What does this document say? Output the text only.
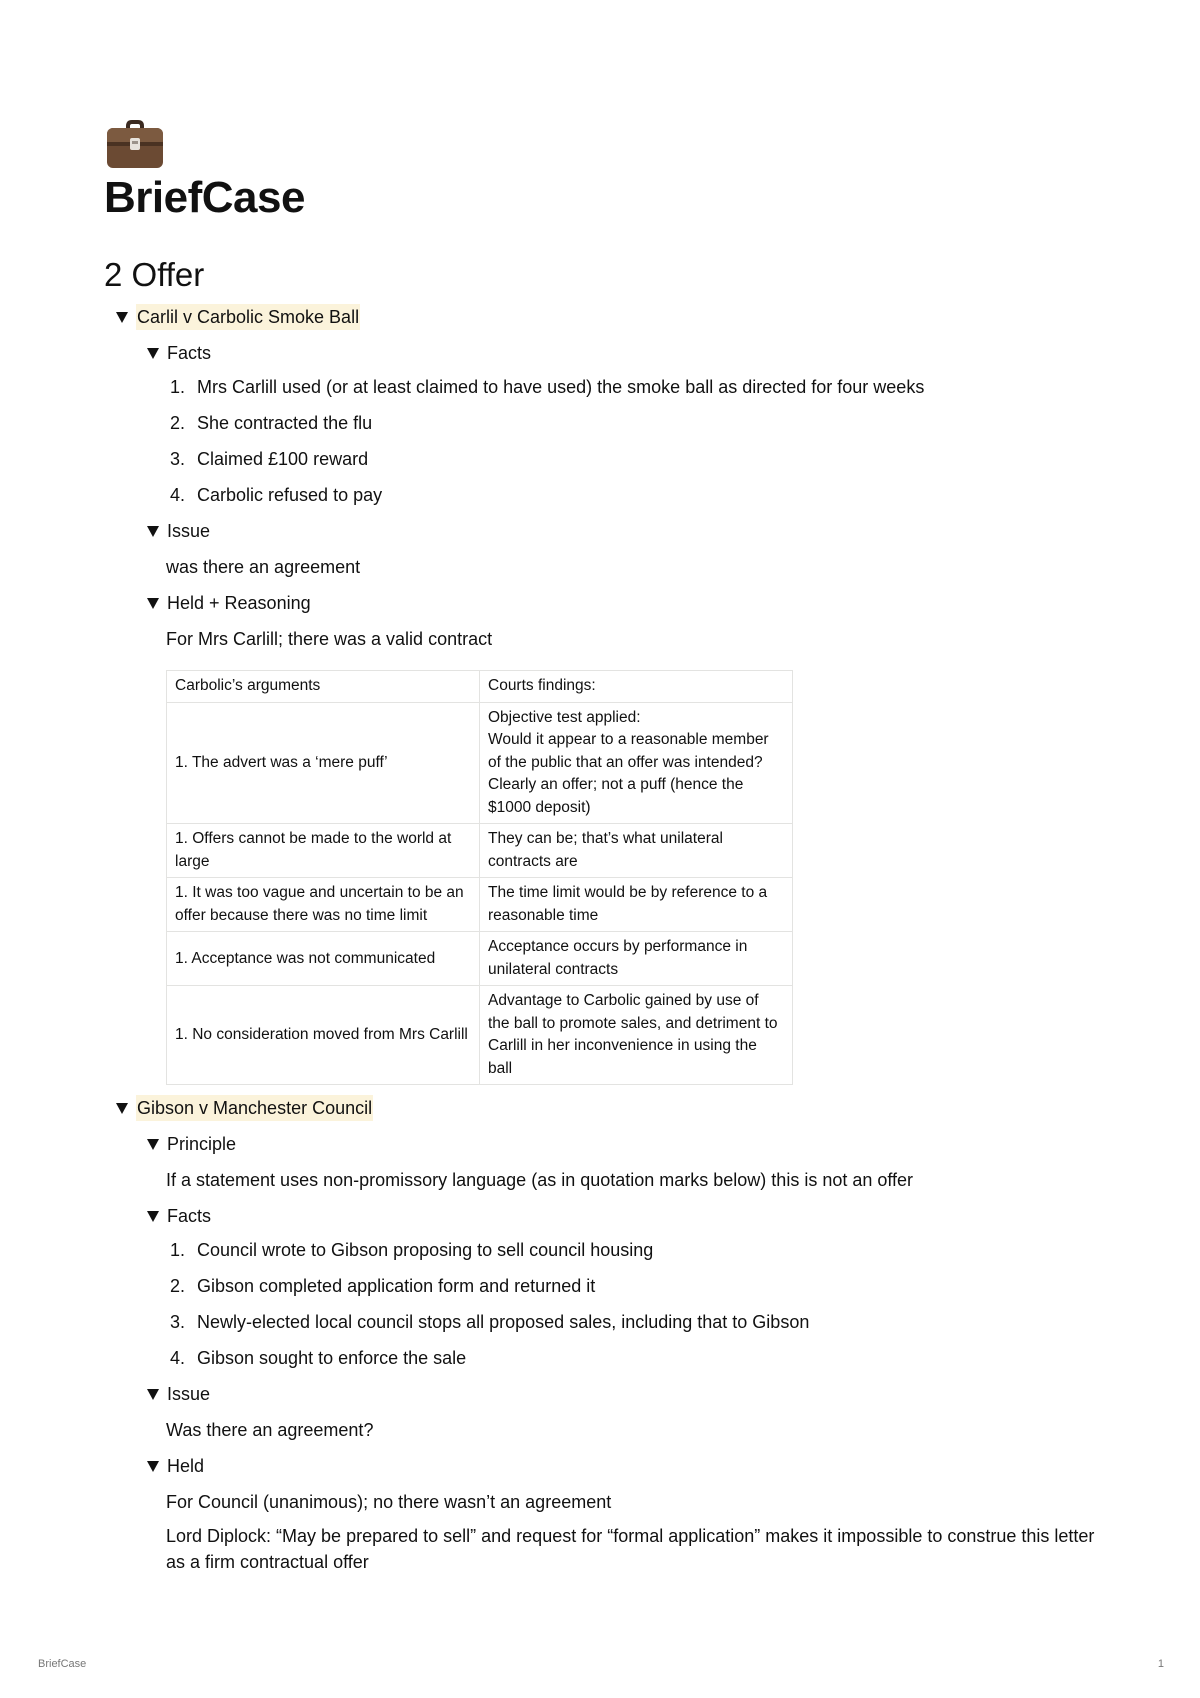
BriefCase
2 Offer
Carlil v Carbolic Smoke Ball
Facts
1. Mrs Carlill used (or at least claimed to have used) the smoke ball as directed for four weeks
2. She contracted the flu
3. Claimed £100 reward
4. Carbolic refused to pay
Issue
was there an agreement
Held + Reasoning
For Mrs Carlill; there was a valid contract
Carbolic’s arguments	Courts findings:
1. The advert was a ‘mere puff’	Objective test applied:
Would it appear to a reasonable member of the public that an offer was intended? Clearly an offer; not a puff (hence the $1000 deposit)
1. Offers cannot be made to the world at large	They can be; that’s what unilateral contracts are
1. It was too vague and uncertain to be an offer because there was no time limit	The time limit would be by reference to a reasonable time
1. Acceptance was not communicated	Acceptance occurs by performance in unilateral contracts
1. No consideration moved from Mrs Carlill	Advantage to Carbolic gained by use of the ball to promote sales, and detriment to Carlill in her inconvenience in using the ball
Gibson v Manchester Council
Principle
If a statement uses non-promissory language (as in quotation marks below) this is not an offer
Facts
1. Council wrote to Gibson proposing to sell council housing
2. Gibson completed application form and returned it
3. Newly-elected local council stops all proposed sales, including that to Gibson
4. Gibson sought to enforce the sale
Issue
Was there an agreement?
Held
For Council (unanimous); no there wasn’t an agreement
Lord Diplock: “May be prepared to sell” and request for “formal application” makes it impossible to construe this letter as a firm contractual offer
BriefCase	1
